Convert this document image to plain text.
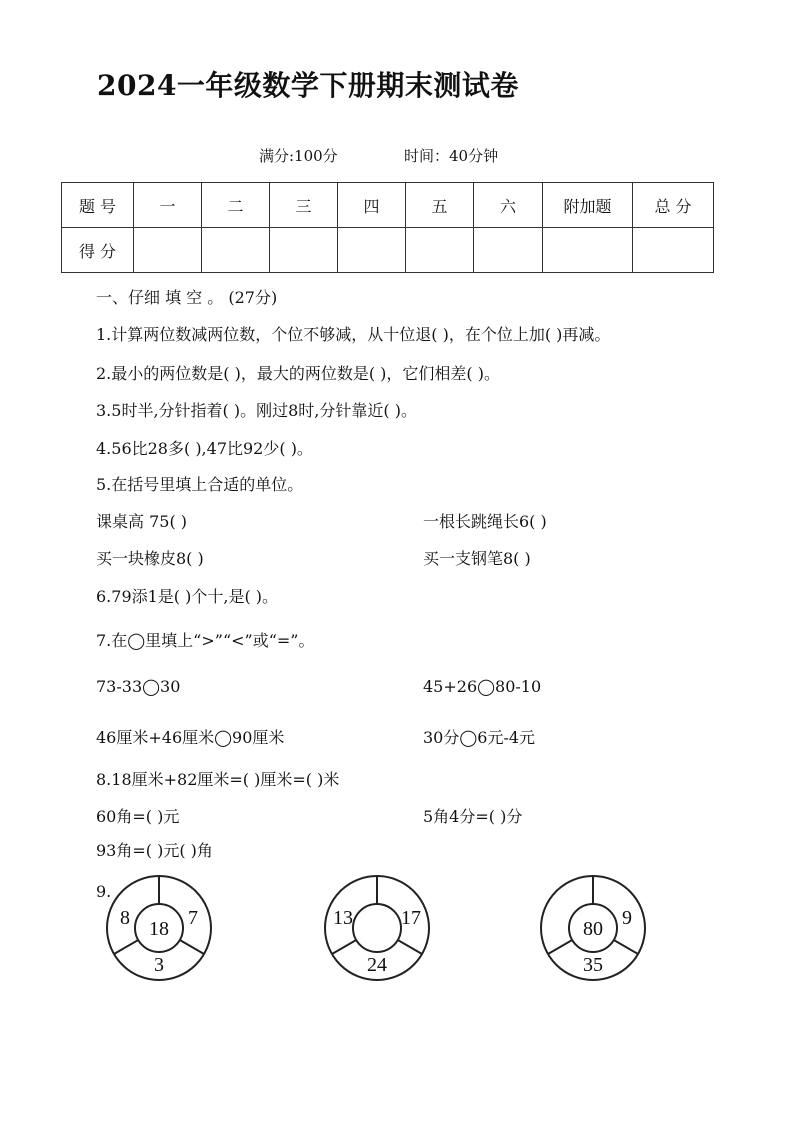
2024一年级数学下册期末测试卷
满分:100分	时间：40分钟
题 号	一	二	三	四	五	六	附加题	总 分
得 分								
一、仔细 填 空 。 (27分)
1.计算两位数减两位数，个位不够减，从十位退( )，在个位上加( )再减。
2.最小的两位数是( )，最大的两位数是( )，它们相差( )。
3.5时半,分针指着( )。刚过8时,分针靠近( )。
4.56比28多( ),47比92少( )。
5.在括号里填上合适的单位。
课桌高 75( )	一根长跳绳长6( )
买一块橡皮8( )	买一支钢笔8( )
6.79添1是( )个十,是( )。
7.在◯里填上“>”“<”或“=”。
73-33◯30	45+26◯80-10
46厘米+46厘米◯90厘米	30分◯6元-4元
8.18厘米+82厘米=( )厘米=( )米
60角=( )元	5角4分=( )分
93角=( )元( )角
9.
18
8	7
3
13 17
24
80 9
35
